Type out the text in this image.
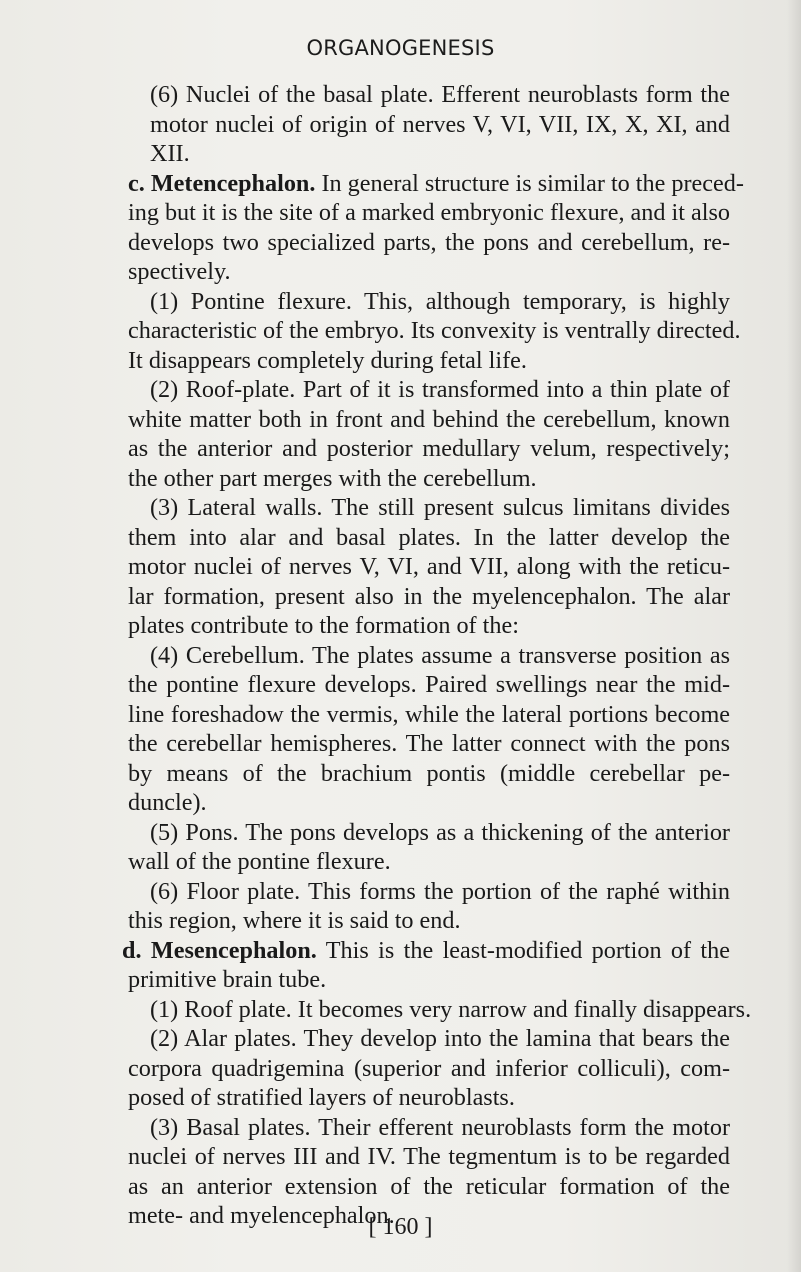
ORGANOGENESIS
(6) Nuclei of the basal plate. Efferent neuroblasts form the
motor nuclei of origin of nerves V, VI, VII, IX, X, XI, and
XII.
c. Metencephalon. In general structure is similar to the preced-
ing but it is the site of a marked embryonic flexure, and it also
develops two specialized parts, the pons and cerebellum, re-
spectively.
(1) Pontine flexure. This, although temporary, is highly
characteristic of the embryo. Its convexity is ventrally directed.
It disappears completely during fetal life.
(2) Roof-plate. Part of it is transformed into a thin plate of
white matter both in front and behind the cerebellum, known
as the anterior and posterior medullary velum, respectively;
the other part merges with the cerebellum.
(3) Lateral walls. The still present sulcus limitans divides
them into alar and basal plates. In the latter develop the
motor nuclei of nerves V, VI, and VII, along with the reticu-
lar formation, present also in the myelencephalon. The alar
plates contribute to the formation of the:
(4) Cerebellum. The plates assume a transverse position as
the pontine flexure develops. Paired swellings near the mid-
line foreshadow the vermis, while the lateral portions become
the cerebellar hemispheres. The latter connect with the pons
by means of the brachium pontis (middle cerebellar pe-
duncle).
(5) Pons. The pons develops as a thickening of the anterior
wall of the pontine flexure.
(6) Floor plate. This forms the portion of the raphé within
this region, where it is said to end.
d. Mesencephalon. This is the least-modified portion of the
primitive brain tube.
(1) Roof plate. It becomes very narrow and finally disappears.
(2) Alar plates. They develop into the lamina that bears the
corpora quadrigemina (superior and inferior colliculi), com-
posed of stratified layers of neuroblasts.
(3) Basal plates. Their efferent neuroblasts form the motor
nuclei of nerves III and IV. The tegmentum is to be regarded
as an anterior extension of the reticular formation of the
mete- and myelencephalon.
[ 160 ]
